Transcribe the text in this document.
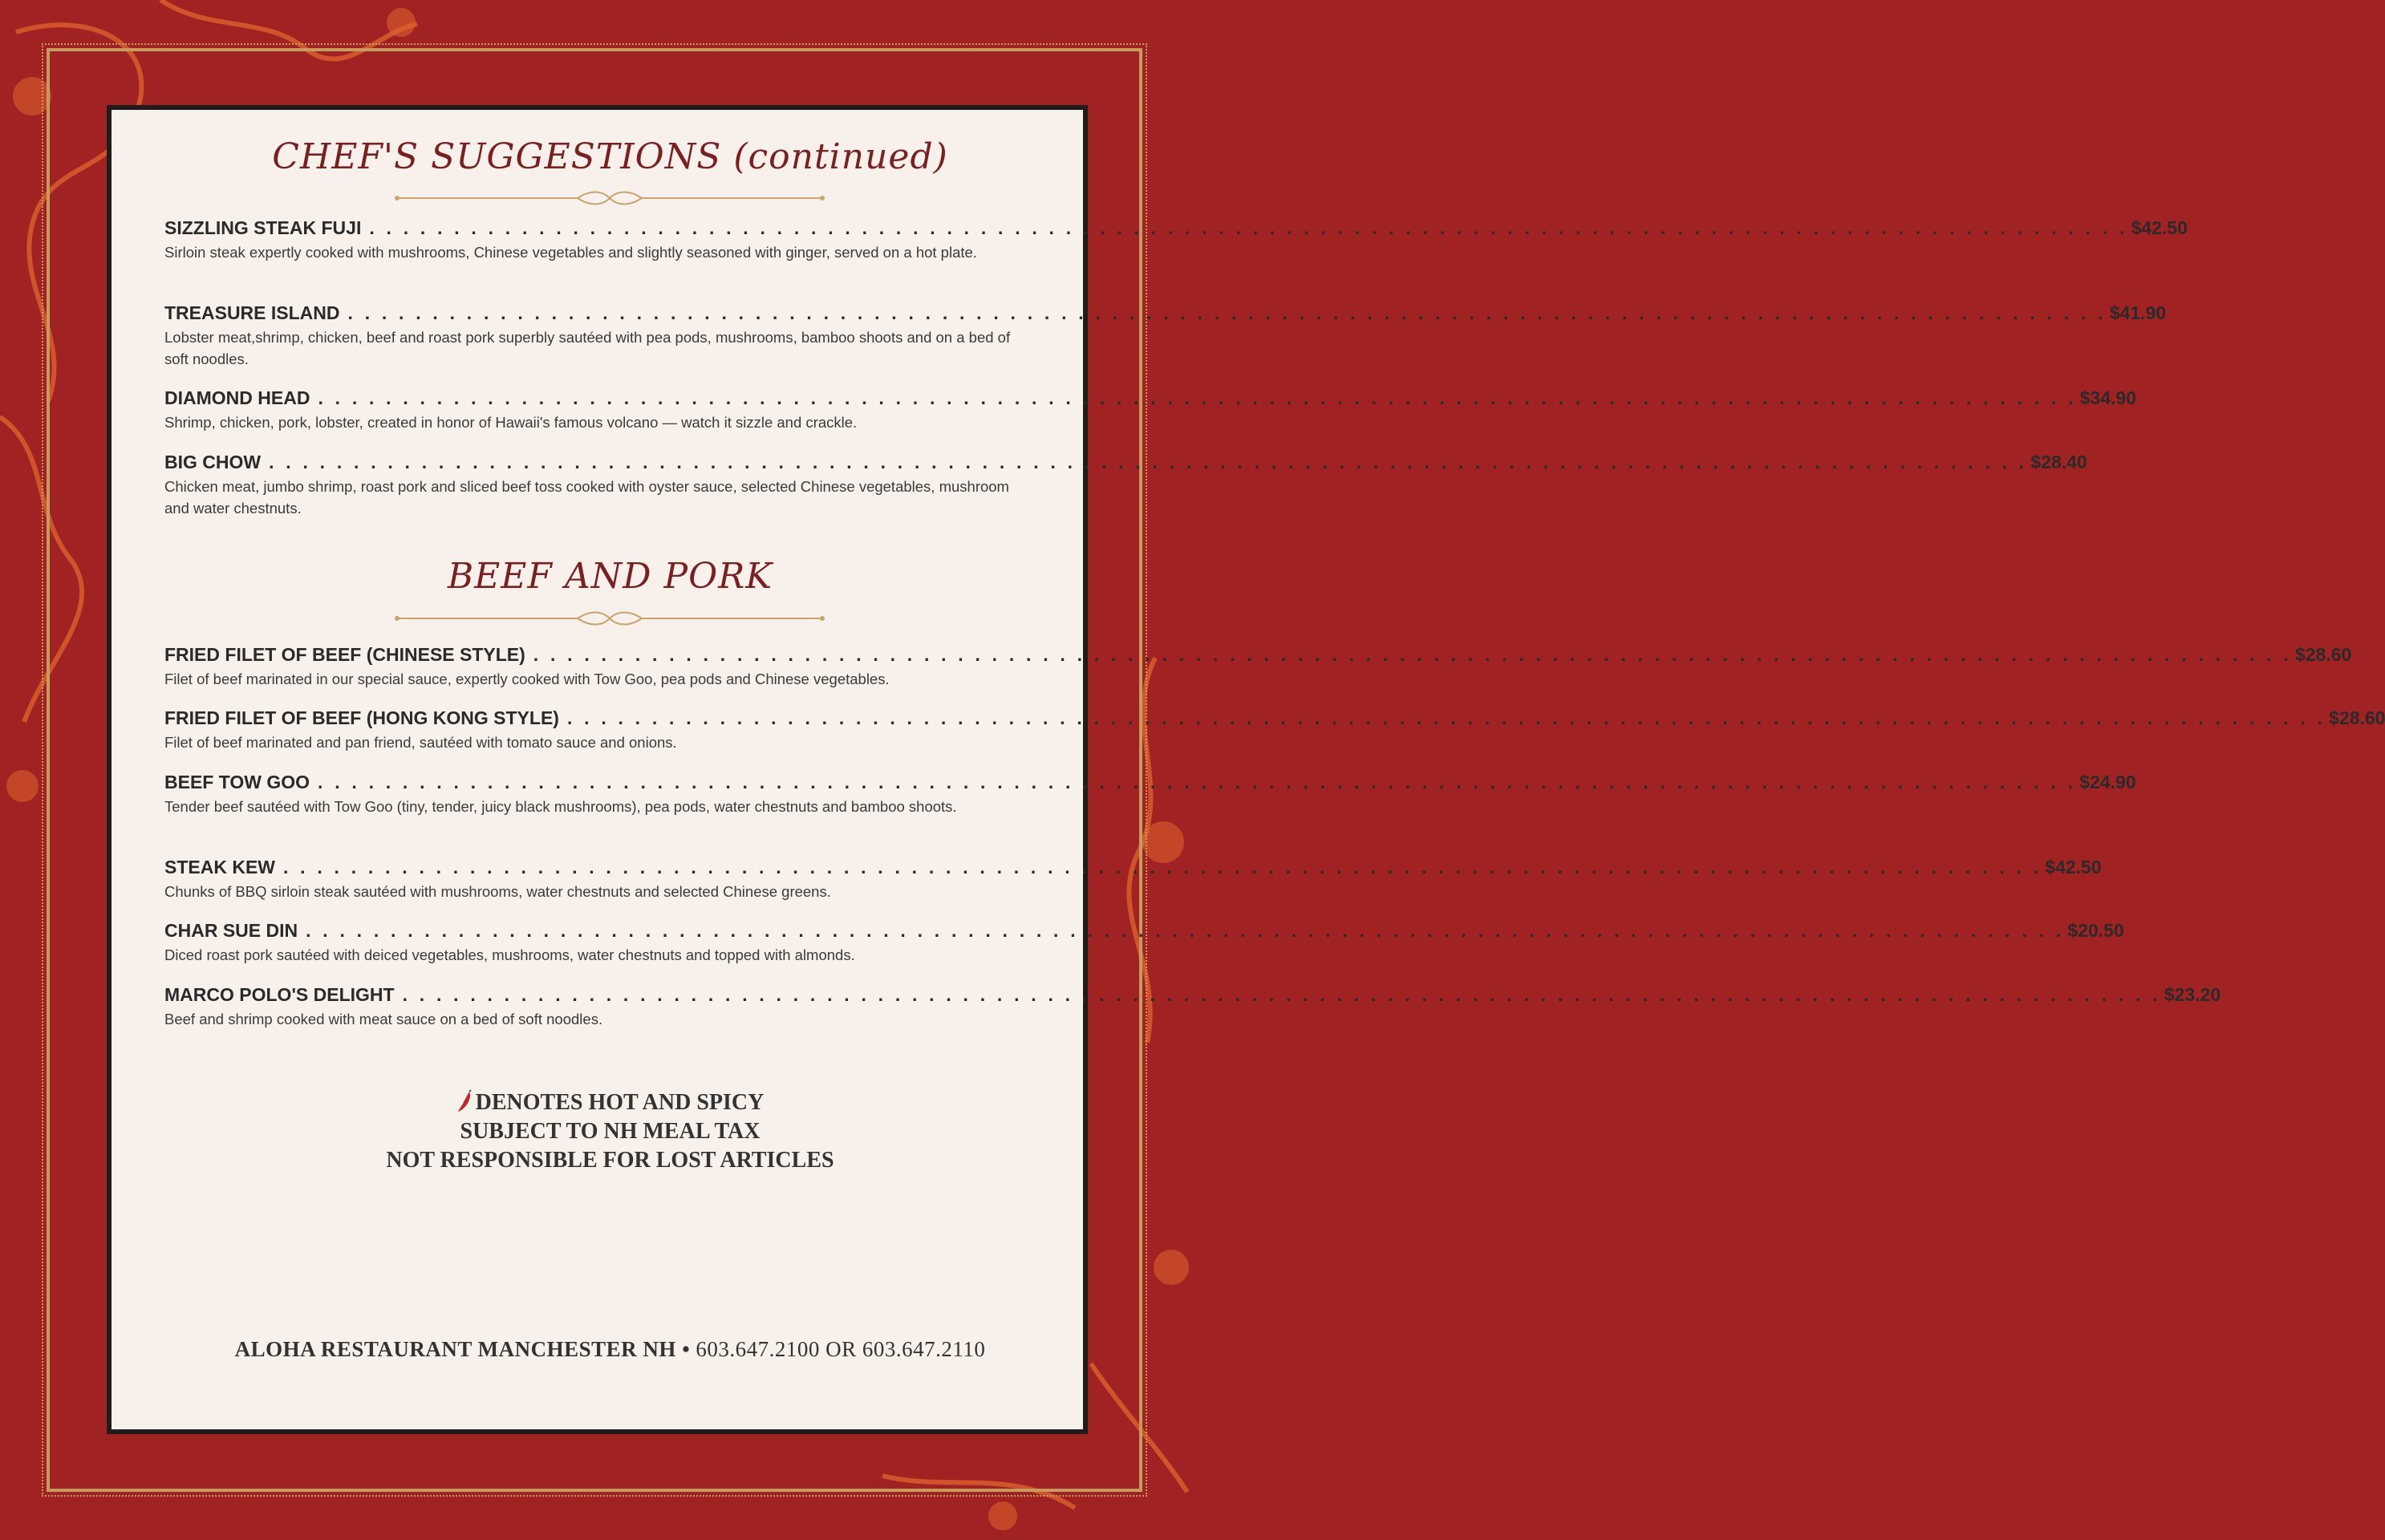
CHEF'S SUGGESTIONS (continued)
SIZZLING STEAK FUJI . . . . . . . . . . . . . . . . . . . . . . . . . . . . . . . . . . . . . . . . . . . . . . . . . . . . . . . . . . . . . . . . . . . . . . . . . . . . . . . . . . . . . . . . . . . . . . . . . . . . . . . . $42.50
Sirloin steak expertly cooked with mushrooms, Chinese vegetables and slightly seasoned with ginger, served on a hot plate.
TREASURE ISLAND . . . . . . . . . . . . . . . . . . . . . . . . . . . . . . . . . . . . . . . . . . . . . . . . . . . . . . . . . . . . . . . . . . . . . . . . . . . . . . . . . . . . . . . . . . . . . . . . . . . . . . . . $41.90
Lobster meat,shrimp, chicken, beef and roast pork superbly sautéed with pea pods, mushrooms, bamboo shoots and on a bed of soft noodles.
DIAMOND HEAD . . . . . . . . . . . . . . . . . . . . . . . . . . . . . . . . . . . . . . . . . . . . . . . . . . . . . . . . . . . . . . . . . . . . . . . . . . . . . . . . . . . . . . . . . . . . . . . . . . . . . . . . $34.90
Shrimp, chicken, pork, lobster, created in honor of Hawaii's famous volcano — watch it sizzle and crackle.
BIG CHOW . . . . . . . . . . . . . . . . . . . . . . . . . . . . . . . . . . . . . . . . . . . . . . . . . . . . . . . . . . . . . . . . . . . . . . . . . . . . . . . . . . . . . . . . . . . . . . . . . . . . . . . . $28.40
Chicken meat, jumbo shrimp, roast pork and sliced beef toss cooked with oyster sauce, selected Chinese vegetables, mushroom and water chestnuts.
BEEF AND PORK
FRIED FILET OF BEEF (CHINESE STYLE) . . . . . . . . . . . . . . . . . . . . . . . . . . . . . . . . . . . . . . . . . . . . . . . . . . . . . . . . . . . . . . . . . . . . . . . . . . . . . . . . . . . . . . . . . . . . . . . . . . . . . . . . $28.60
Filet of beef marinated in our special sauce, expertly cooked with Tow Goo, pea pods and Chinese vegetables.
FRIED FILET OF BEEF (HONG KONG STYLE) . . . . . . . . . . . . . . . . . . . . . . . . . . . . . . . . . . . . . . . . . . . . . . . . . . . . . . . . . . . . . . . . . . . . . . . . . . . . . . . . . . . . . . . . . . . . . . . . . . . . . . . . $28.60
Filet of beef marinated and pan friend, sautéed with tomato sauce and onions.
BEEF TOW GOO . . . . . . . . . . . . . . . . . . . . . . . . . . . . . . . . . . . . . . . . . . . . . . . . . . . . . . . . . . . . . . . . . . . . . . . . . . . . . . . . . . . . . . . . . . . . . . . . . . . . . . . . $24.90
Tender beef sautéed with Tow Goo (tiny, tender, juicy black mushrooms), pea pods, water chestnuts and bamboo shoots.
STEAK KEW . . . . . . . . . . . . . . . . . . . . . . . . . . . . . . . . . . . . . . . . . . . . . . . . . . . . . . . . . . . . . . . . . . . . . . . . . . . . . . . . . . . . . . . . . . . . . . . . . . . . . . . . $42.50
Chunks of BBQ sirloin steak sautéed with mushrooms, water chestnuts and selected Chinese greens.
CHAR SUE DIN . . . . . . . . . . . . . . . . . . . . . . . . . . . . . . . . . . . . . . . . . . . . . . . . . . . . . . . . . . . . . . . . . . . . . . . . . . . . . . . . . . . . . . . . . . . . . . . . . . . . . . . . $20.50
Diced roast pork sautéed with deiced vegetables, mushrooms, water chestnuts and topped with almonds.
MARCO POLO'S DELIGHT . . . . . . . . . . . . . . . . . . . . . . . . . . . . . . . . . . . . . . . . . . . . . . . . . . . . . . . . . . . . . . . . . . . . . . . . . . . . . . . . . . . . . . . . . . . . . . . . . . . . . . . . $23.20
Beef and shrimp cooked with meat sauce on a bed of soft noodles.
DENOTES HOT AND SPICY
SUBJECT TO NH MEAL TAX
NOT RESPONSIBLE FOR LOST ARTICLES
ALOHA RESTAURANT MANCHESTER NH • 603.647.2100 OR 603.647.2110
